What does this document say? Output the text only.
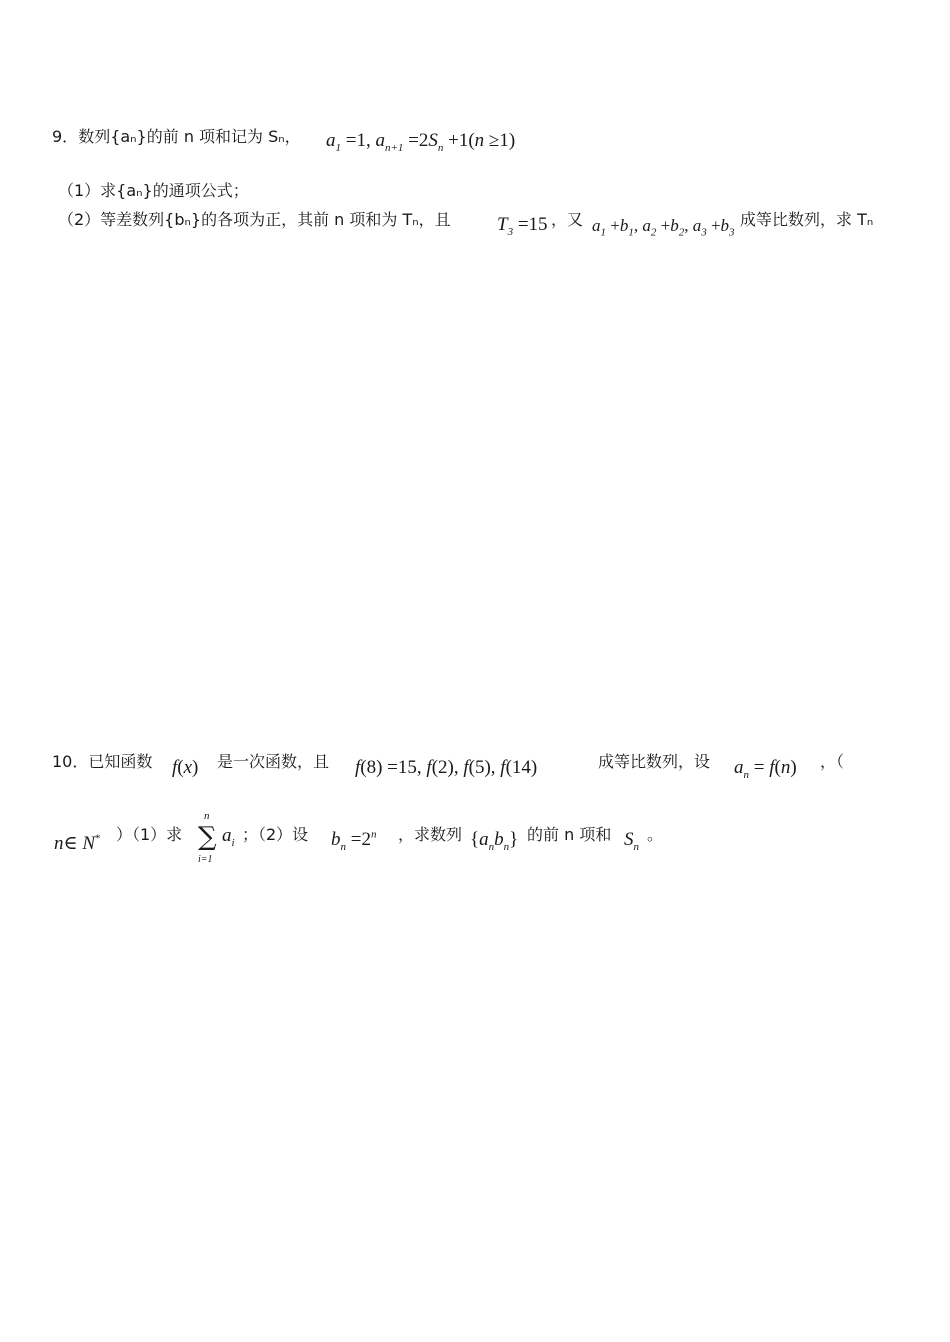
9．数列{aₙ}的前 n 项和记为 Sₙ， $a_1 =1$, $a_{n+1} =2S_n +1(n \ge 1)$
（1）求{aₙ}的通项公式；
（2）等差数列{bₙ}的各项为正，其前 n 项和为 Tₙ，且 $T_3 =15$ ，又 $a_1 +b_1$, $a_2 +b_2$, $a_3 +b_3$
成等比数列，求 Tₙ
10．已知函数 f(x) 是一次函数，且 f(8) =15, f(2), f(5), f(14)	成等比数列，设 $a_n = f(n)$ ，（
n∈ N* ）（1）求
n
∑
i=1
$a_i$ ；（2）设 $b_n =2^n$ ，求数列 $\{a_nb_n\}$ 的前 n 项和 $S_n$
。
